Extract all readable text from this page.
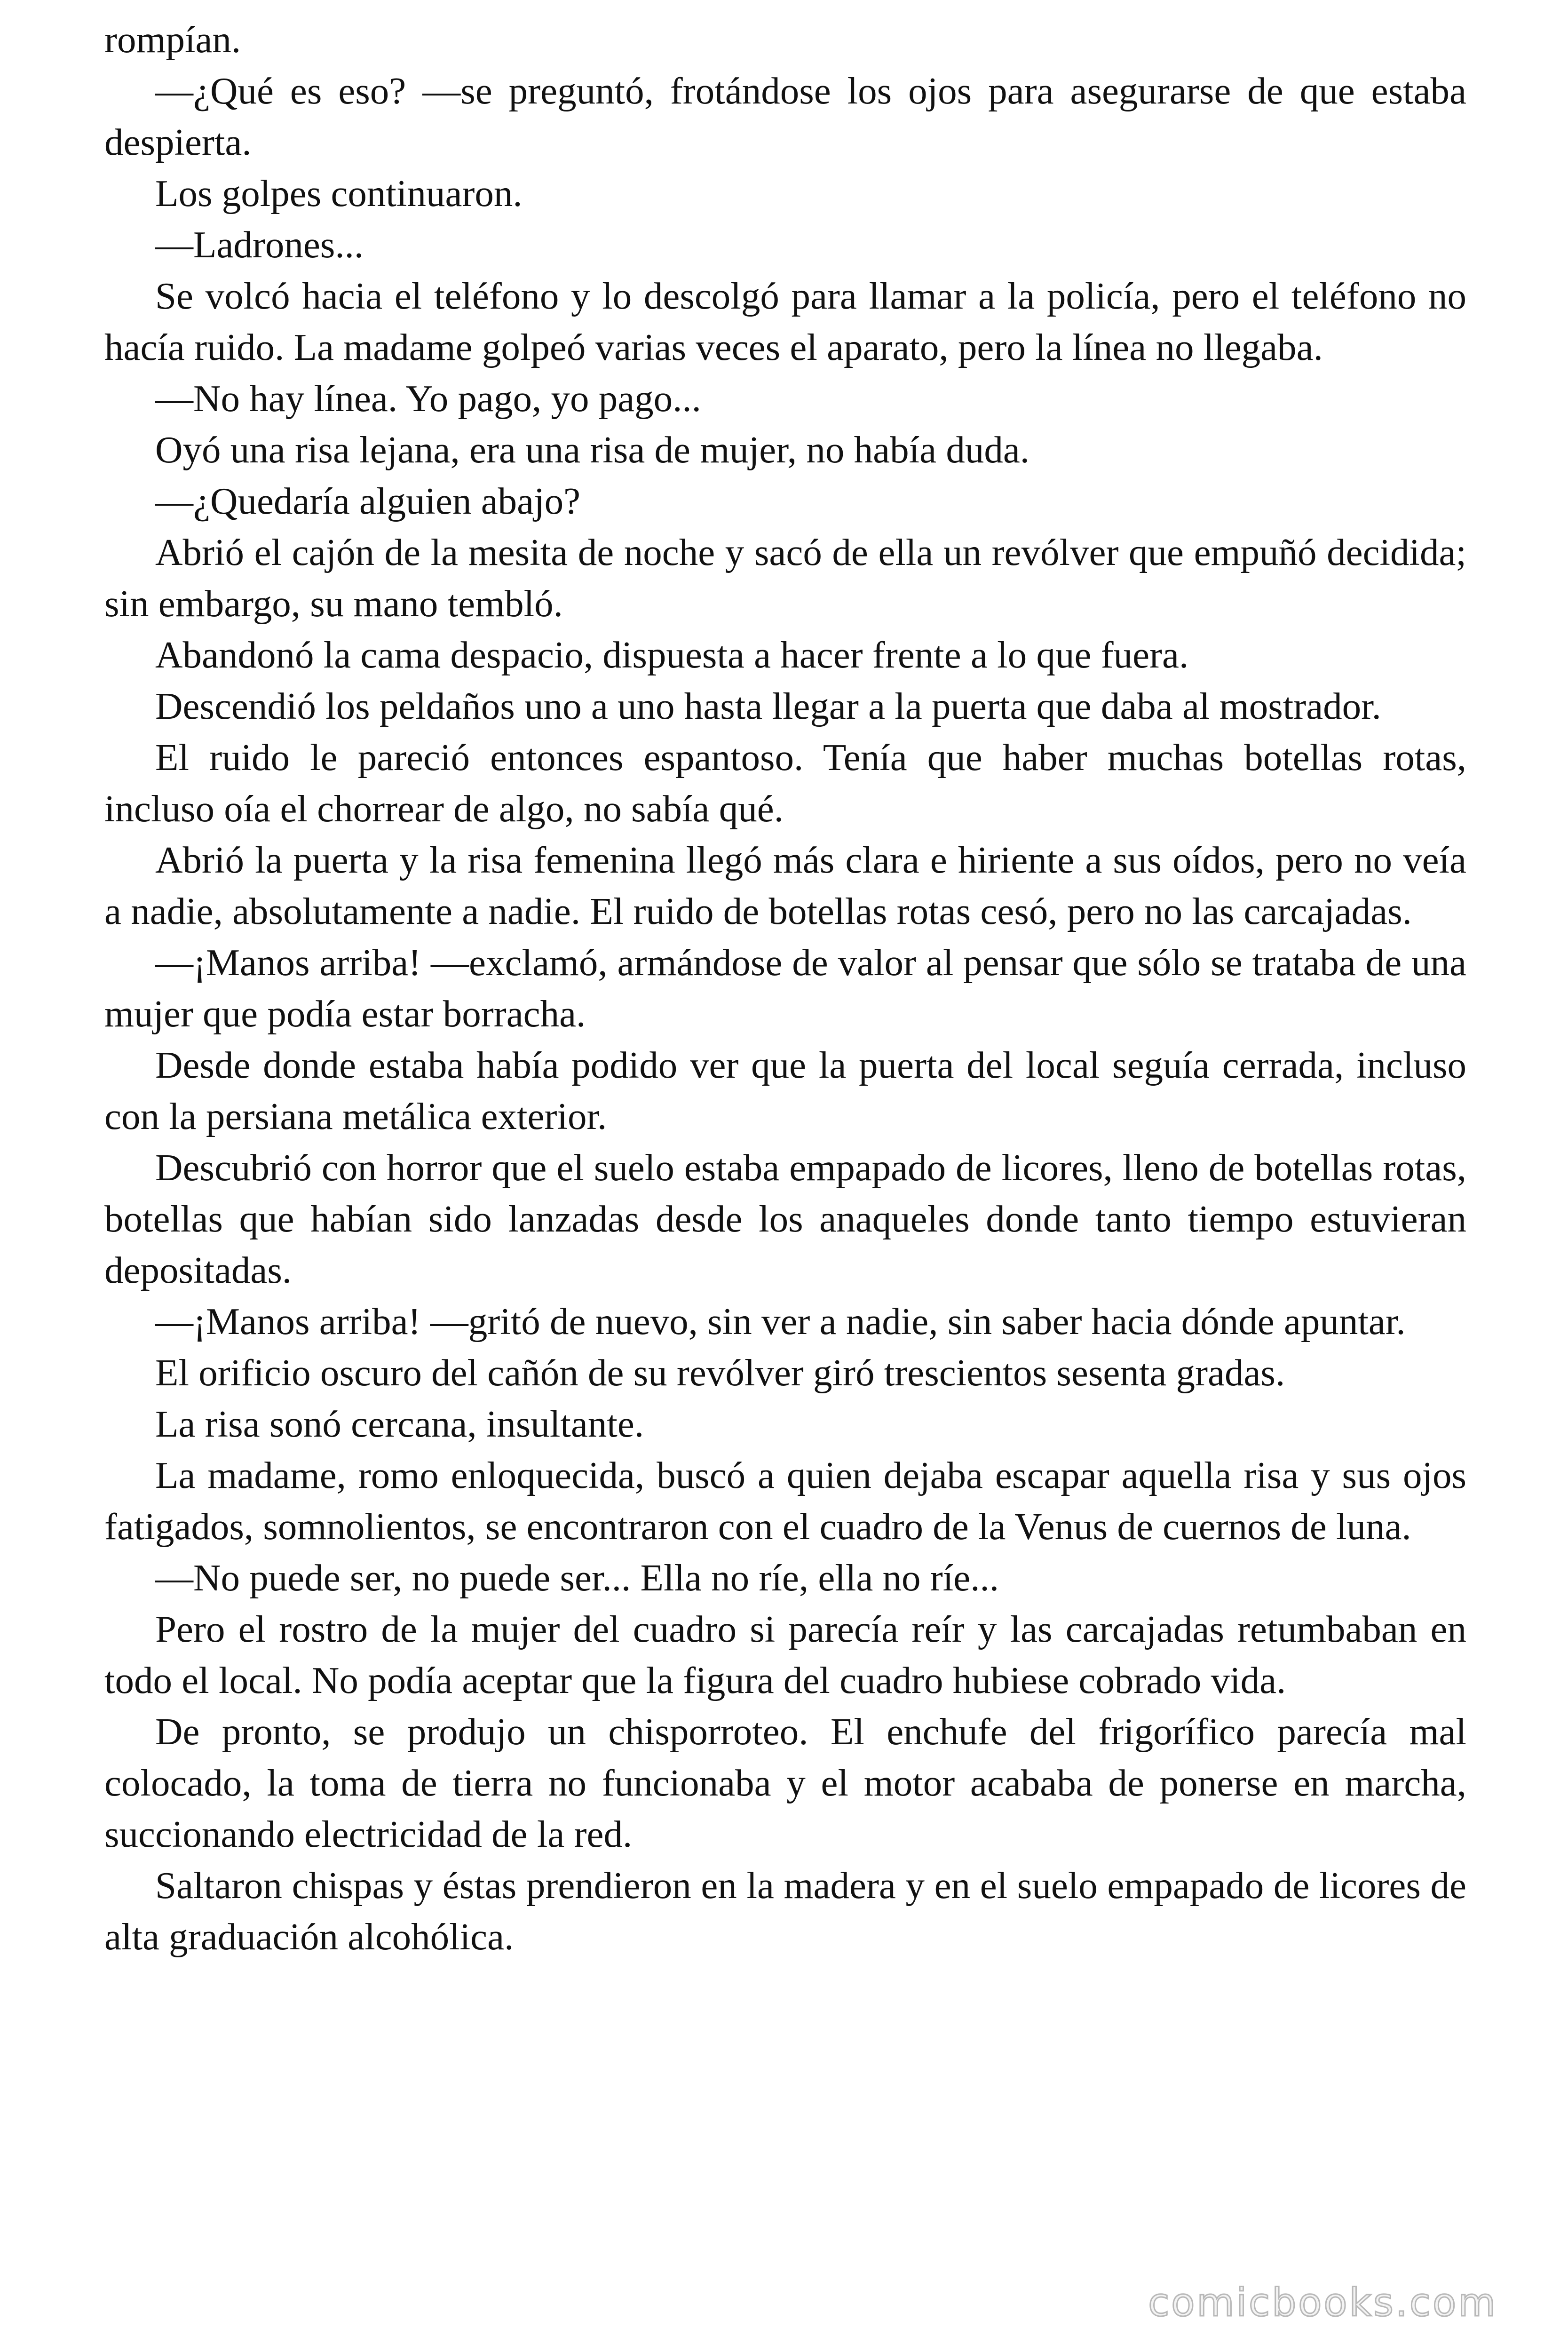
rompían.

—¿Qué es eso? —se preguntó, frotándose los ojos para asegurarse de que estaba despierta.

Los golpes continuaron.

—Ladrones...

Se volcó hacia el teléfono y lo descolgó para llamar a la policía, pero el teléfono no hacía ruido. La madame golpeó varias veces el aparato, pero la línea no llegaba.

—No hay línea. Yo pago, yo pago...

Oyó una risa lejana, era una risa de mujer, no había duda.

—¿Quedaría alguien abajo?

Abrió el cajón de la mesita de noche y sacó de ella un revólver que empuñó decidida; sin embargo, su mano tembló.

Abandonó la cama despacio, dispuesta a hacer frente a lo que fuera.

Descendió los peldaños uno a uno hasta llegar a la puerta que daba al mostrador.

El ruido le pareció entonces espantoso. Tenía que haber muchas botellas rotas, incluso oía el chorrear de algo, no sabía qué.

Abrió la puerta y la risa femenina llegó más clara e hiriente a sus oídos, pero no veía a nadie, absolutamente a nadie. El ruido de botellas rotas cesó, pero no las carcajadas.

—¡Manos arriba! —exclamó, armándose de valor al pensar que sólo se trataba de una mujer que podía estar borracha.

Desde donde estaba había podido ver que la puerta del local seguía cerrada, incluso con la persiana metálica exterior.

Descubrió con horror que el suelo estaba empapado de licores, lleno de botellas rotas, botellas que habían sido lanzadas desde los anaqueles donde tanto tiempo estuvieran depositadas.

—¡Manos arriba! —gritó de nuevo, sin ver a nadie, sin saber hacia dónde apuntar.

El orificio oscuro del cañón de su revólver giró trescientos sesenta gradas.

La risa sonó cercana, insultante.

La madame, romo enloquecida, buscó a quien dejaba escapar aquella risa y sus ojos fatigados, somnolientos, se encontraron con el cuadro de la Venus de cuernos de luna.

—No puede ser, no puede ser... Ella no ríe, ella no ríe...

Pero el rostro de la mujer del cuadro si parecía reír y las carcajadas retumbaban en todo el local. No podía aceptar que la figura del cuadro hubiese cobrado vida.

De pronto, se produjo un chisporroteo. El enchufe del frigorífico parecía mal colocado, la toma de tierra no funcionaba y el motor acababa de ponerse en marcha, succionando electricidad de la red.

Saltaron chispas y éstas prendieron en la madera y en el suelo empapado de licores de alta graduación alcohólica.

comicbooks.com
